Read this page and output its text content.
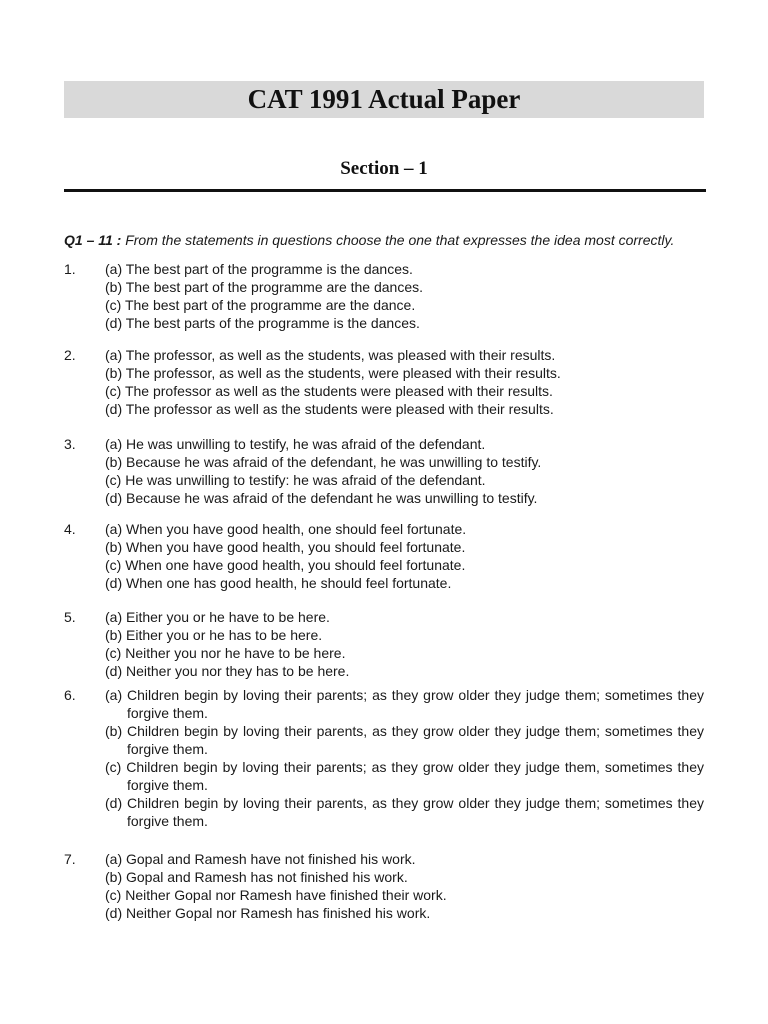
CAT 1991 Actual Paper
Section – 1
Q1 – 11 : From the statements in questions choose the one that expresses the idea most correctly.
1. (a) The best part of the programme is the dances.
(b) The best part of the programme are the dances.
(c) The best part of the programme are the dance.
(d) The best parts of the programme is the dances.
2. (a) The professor, as well as the students, was pleased with their results.
(b) The professor, as well as the students, were pleased with their results.
(c) The professor as well as the students were pleased with their results.
(d) The professor as well as the students were pleased with their results.
3. (a) He was unwilling to testify, he was afraid of the defendant.
(b) Because he was afraid of the defendant, he was unwilling to testify.
(c) He was unwilling to testify: he was afraid of the defendant.
(d) Because he was afraid of the defendant he was unwilling to testify.
4. (a) When you have good health, one should feel fortunate.
(b) When you have good health, you should feel fortunate.
(c) When one have good health, you should feel fortunate.
(d) When one has good health, he should feel fortunate.
5. (a) Either you or he have to be here.
(b) Either you or he has to be here.
(c) Neither you nor he have to be here.
(d) Neither you nor they has to be here.
6. (a) Children begin by loving their parents; as they grow older they judge them; sometimes they forgive them.
(b) Children begin by loving their parents, as they grow older they judge them; sometimes they forgive them.
(c) Children begin by loving their parents; as they grow older they judge them, sometimes they forgive them.
(d) Children begin by loving their parents, as they grow older they judge them; sometimes they forgive them.
7. (a) Gopal and Ramesh have not finished his work.
(b) Gopal and Ramesh has not finished his work.
(c) Neither Gopal nor Ramesh have finished their work.
(d) Neither Gopal nor Ramesh has finished his work.
